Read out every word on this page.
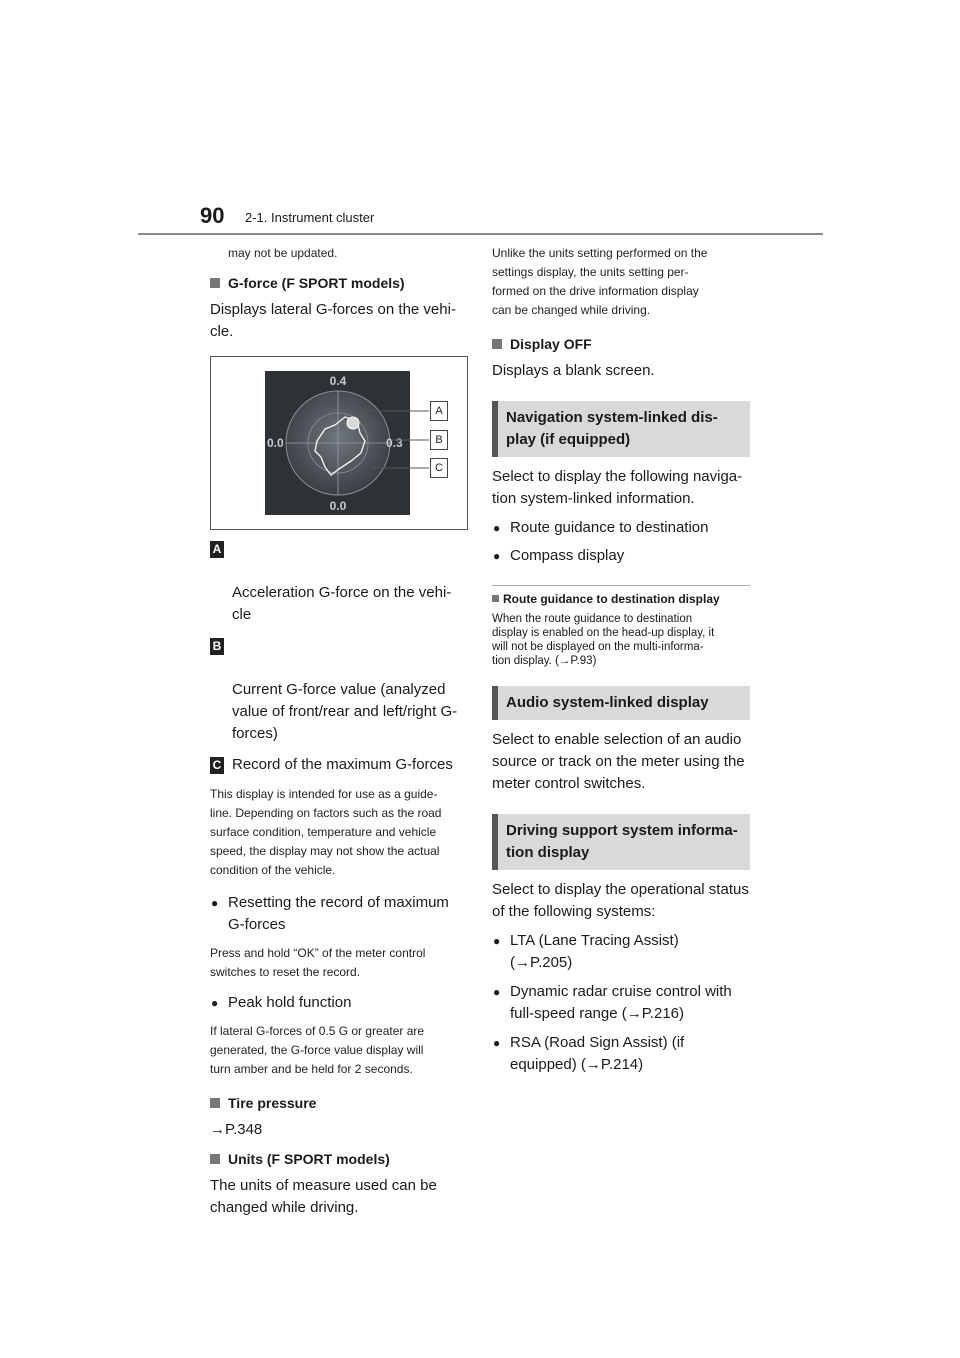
90 2-1. Instrument cluster

may not be updated.

G-force (F SPORT models)

Displays lateral G-forces on the vehi-
cle.

0.4
0.0	0.3
0.0
A
B
C

A

Acceleration G-force on the vehi-
cle

B

Current G-force value (analyzed
value of front/rear and left/right G-
forces)

C Record of the maximum G-forces

This display is intended for use as a guide-
line. Depending on factors such as the road
surface condition, temperature and vehicle
speed, the display may not show the actual
condition of the vehicle.

● Resetting the record of maximum
G-forces

Press and hold “OK” of the meter control
switches to reset the record.

● Peak hold function

If lateral G-forces of 0.5 G or greater are
generated, the G-force value display will
turn amber and be held for 2 seconds.

Tire pressure

→P.348

Units (F SPORT models)

The units of measure used can be
changed while driving.

Unlike the units setting performed on the
settings display, the units setting per-
formed on the drive information display
can be changed while driving.

Display OFF

Displays a blank screen.

Navigation system-linked dis-
play (if equipped)

Select to display the following naviga-
tion system-linked information.

● Route guidance to destination

● Compass display

Route guidance to destination display

When the route guidance to destination
display is enabled on the head-up display, it
will not be displayed on the multi-informa-
tion display. (→P.93)

Audio system-linked display

Select to enable selection of an audio
source or track on the meter using the
meter control switches.

Driving support system informa-
tion display

Select to display the operational status
of the following systems:

● LTA (Lane Tracing Assist)
(→P.205)

● Dynamic radar cruise control with
full-speed range (→P.216)

● RSA (Road Sign Assist) (if
equipped) (→P.214)
